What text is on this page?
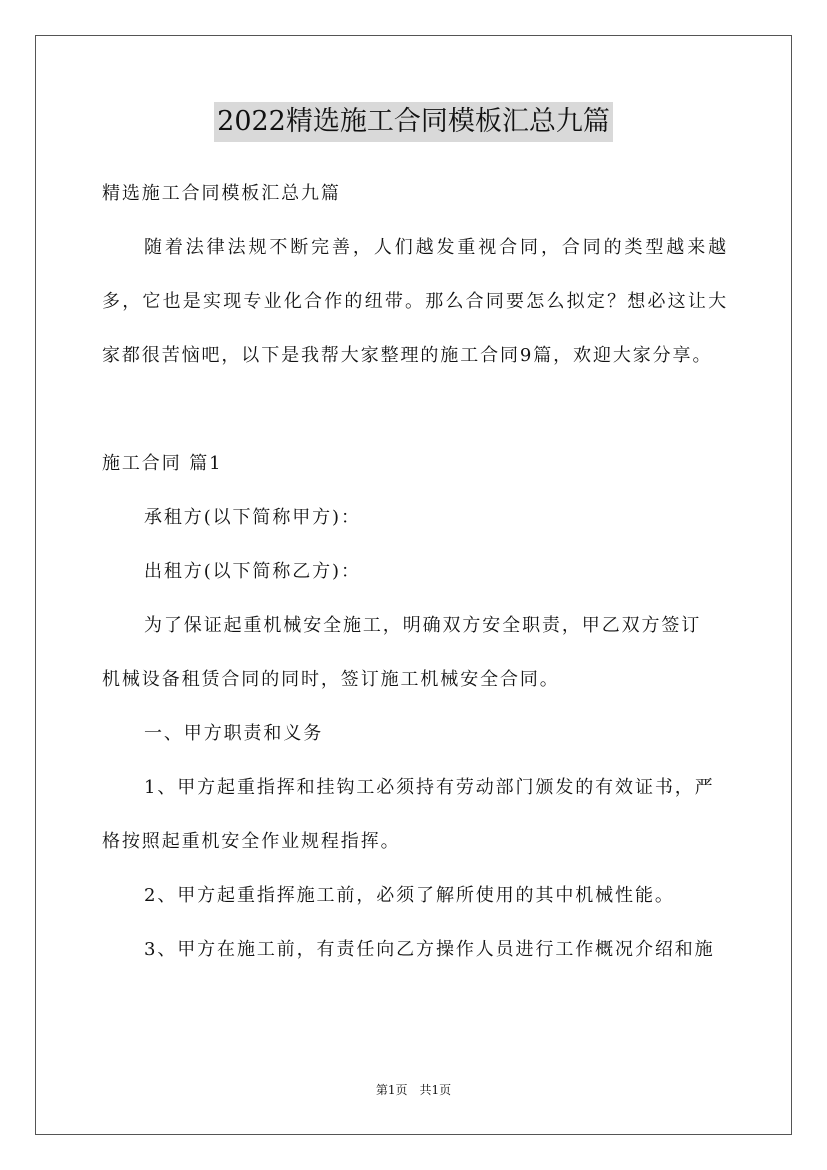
2022精选施工合同模板汇总九篇
精选施工合同模板汇总九篇

随着法律法规不断完善，人们越发重视合同，合同的类型越来越多，它也是实现专业化合作的纽带。那么合同要怎么拟定？想必这让大家都很苦恼吧，以下是我帮大家整理的施工合同9篇，欢迎大家分享。

施工合同 篇1
承租方(以下简称甲方)：
出租方(以下简称乙方)：
为了保证起重机械安全施工，明确双方安全职责，甲乙双方签订
机械设备租赁合同的同时，签订施工机械安全合同。
一、甲方职责和义务
1、甲方起重指挥和挂钩工必须持有劳动部门颁发的有效证书，严
格按照起重机安全作业规程指挥。
2、甲方起重指挥施工前，必须了解所使用的其中机械性能。
3、甲方在施工前，有责任向乙方操作人员进行工作概况介绍和施
第1页　共1页
